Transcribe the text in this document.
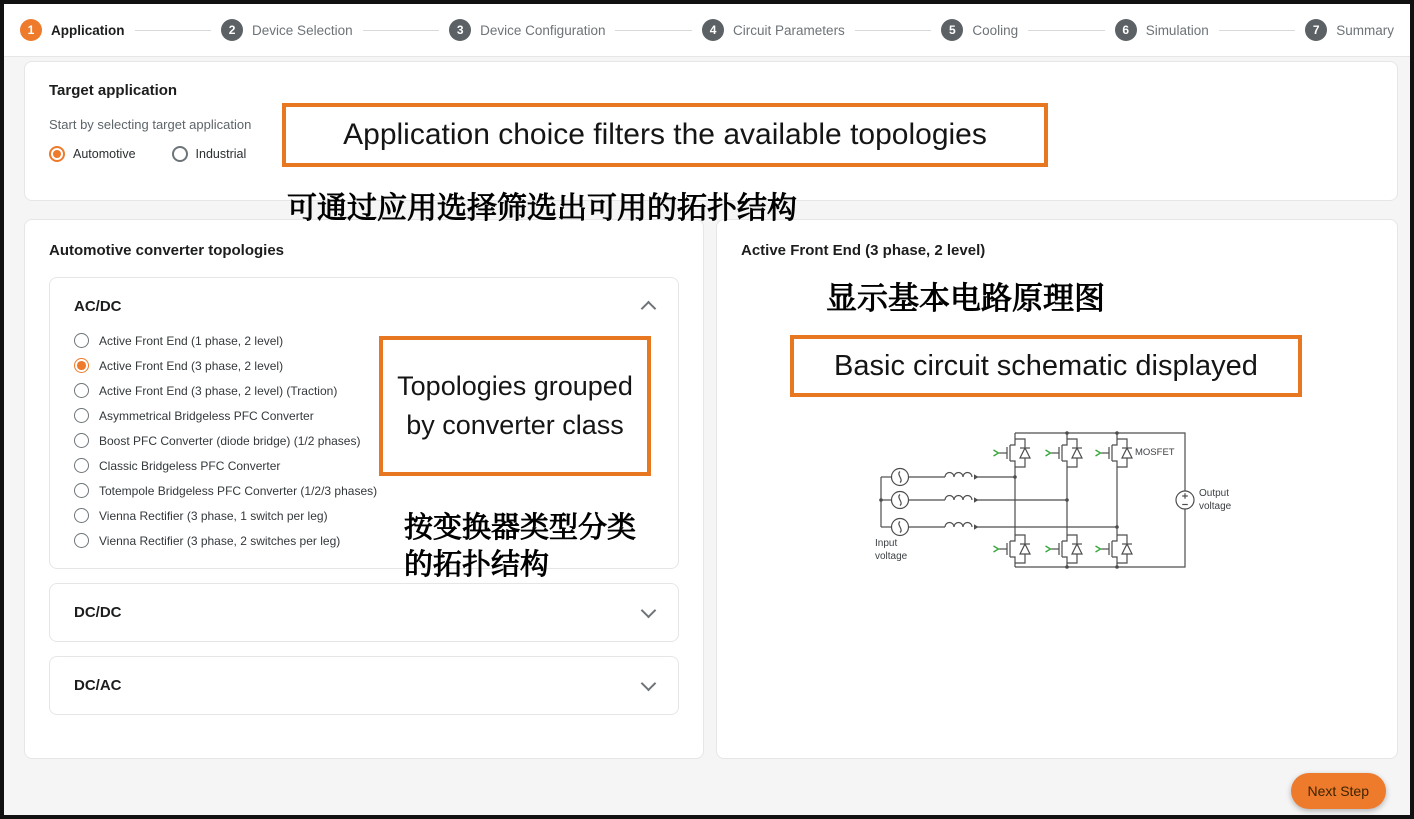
1	Application	2	Device Selection	3	Device Configuration	4	Circuit Parameters	5	Cooling	6	Simulation	7	Summary
Target application
Start by selecting target application
Automotive	Industrial
Automotive converter topologies
AC/DC
Active Front End (1 phase, 2 level)
Active Front End (3 phase, 2 level)
Active Front End (3 phase, 2 level) (Traction)
Asymmetrical Bridgeless PFC Converter
Boost PFC Converter (diode bridge) (1/2 phases)
Classic Bridgeless PFC Converter
Totempole Bridgeless PFC Converter (1/2/3 phases)
Vienna Rectifier (3 phase, 1 switch per leg)
Vienna Rectifier (3 phase, 2 switches per leg)
DC/DC
DC/AC
Active Front End (3 phase, 2 level)
Input voltage
MOSFET
Output voltage
Application choice filters the available topologies
可通过应用选择筛选出可用的拓扑结构
Topologies grouped by converter class
按变换器类型分类的拓扑结构
显示基本电路原理图
Basic circuit schematic displayed
Next Step
